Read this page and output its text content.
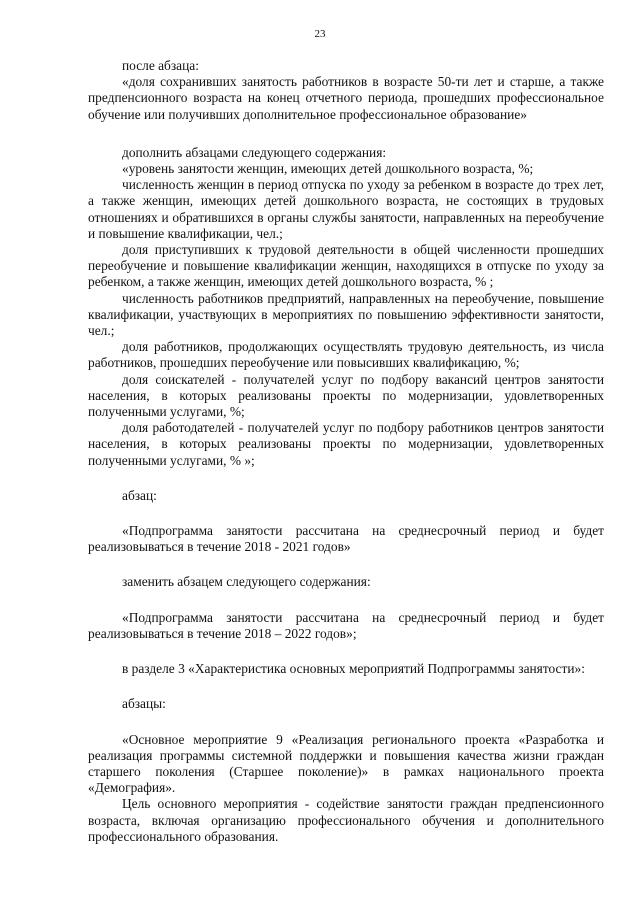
23

после абзаца:

«доля сохранивших занятость работников в возрасте 50-ти лет и старше, а также предпенсионного возраста на конец отчетного периода, прошедших профессиональное обучение или получивших дополнительное профессиональное образование»

дополнить абзацами следующего содержания:

«уровень занятости женщин, имеющих детей дошкольного возраста, %;

численность женщин в период отпуска по уходу за ребенком в возрасте до трех лет, а также женщин, имеющих детей дошкольного возраста, не состоящих в трудовых отношениях и обратившихся в органы службы занятости, направленных на переобучение и повышение квалификации, чел.;

доля приступивших к трудовой деятельности в общей численности прошедших переобучение и повышение квалификации женщин, находящихся в отпуске по уходу за ребенком, а также женщин, имеющих детей дошкольного возраста, % ;

численность работников предприятий, направленных на переобучение, повышение квалификации, участвующих в мероприятиях по повышению эффективности занятости, чел.;

доля работников, продолжающих осуществлять трудовую деятельность, из числа работников, прошедших переобучение или повысивших квалификацию, %;

доля соискателей - получателей услуг по подбору вакансий центров занятости населения, в которых реализованы проекты по модернизации, удовлетворенных полученными услугами, %;

доля работодателей - получателей услуг по подбору работников центров занятости населения, в которых реализованы проекты по модернизации, удовлетворенных полученными услугами, % »;

абзац:

«Подпрограмма занятости рассчитана на среднесрочный период и будет реализовываться в течение 2018 - 2021 годов»

заменить абзацем следующего содержания:

«Подпрограмма занятости рассчитана на среднесрочный период и будет реализовываться в течение 2018 – 2022 годов»;

в разделе 3 «Характеристика основных мероприятий Подпрограммы занятости»:

абзацы:

«Основное мероприятие 9 «Реализация регионального проекта «Разработка и реализация программы системной поддержки и повышения качества жизни граждан старшего поколения (Старшее поколение)» в рамках национального проекта «Демография».

Цель основного мероприятия - содействие занятости граждан предпенсионного возраста, включая организацию профессионального обучения и дополнительного профессионального образования.
